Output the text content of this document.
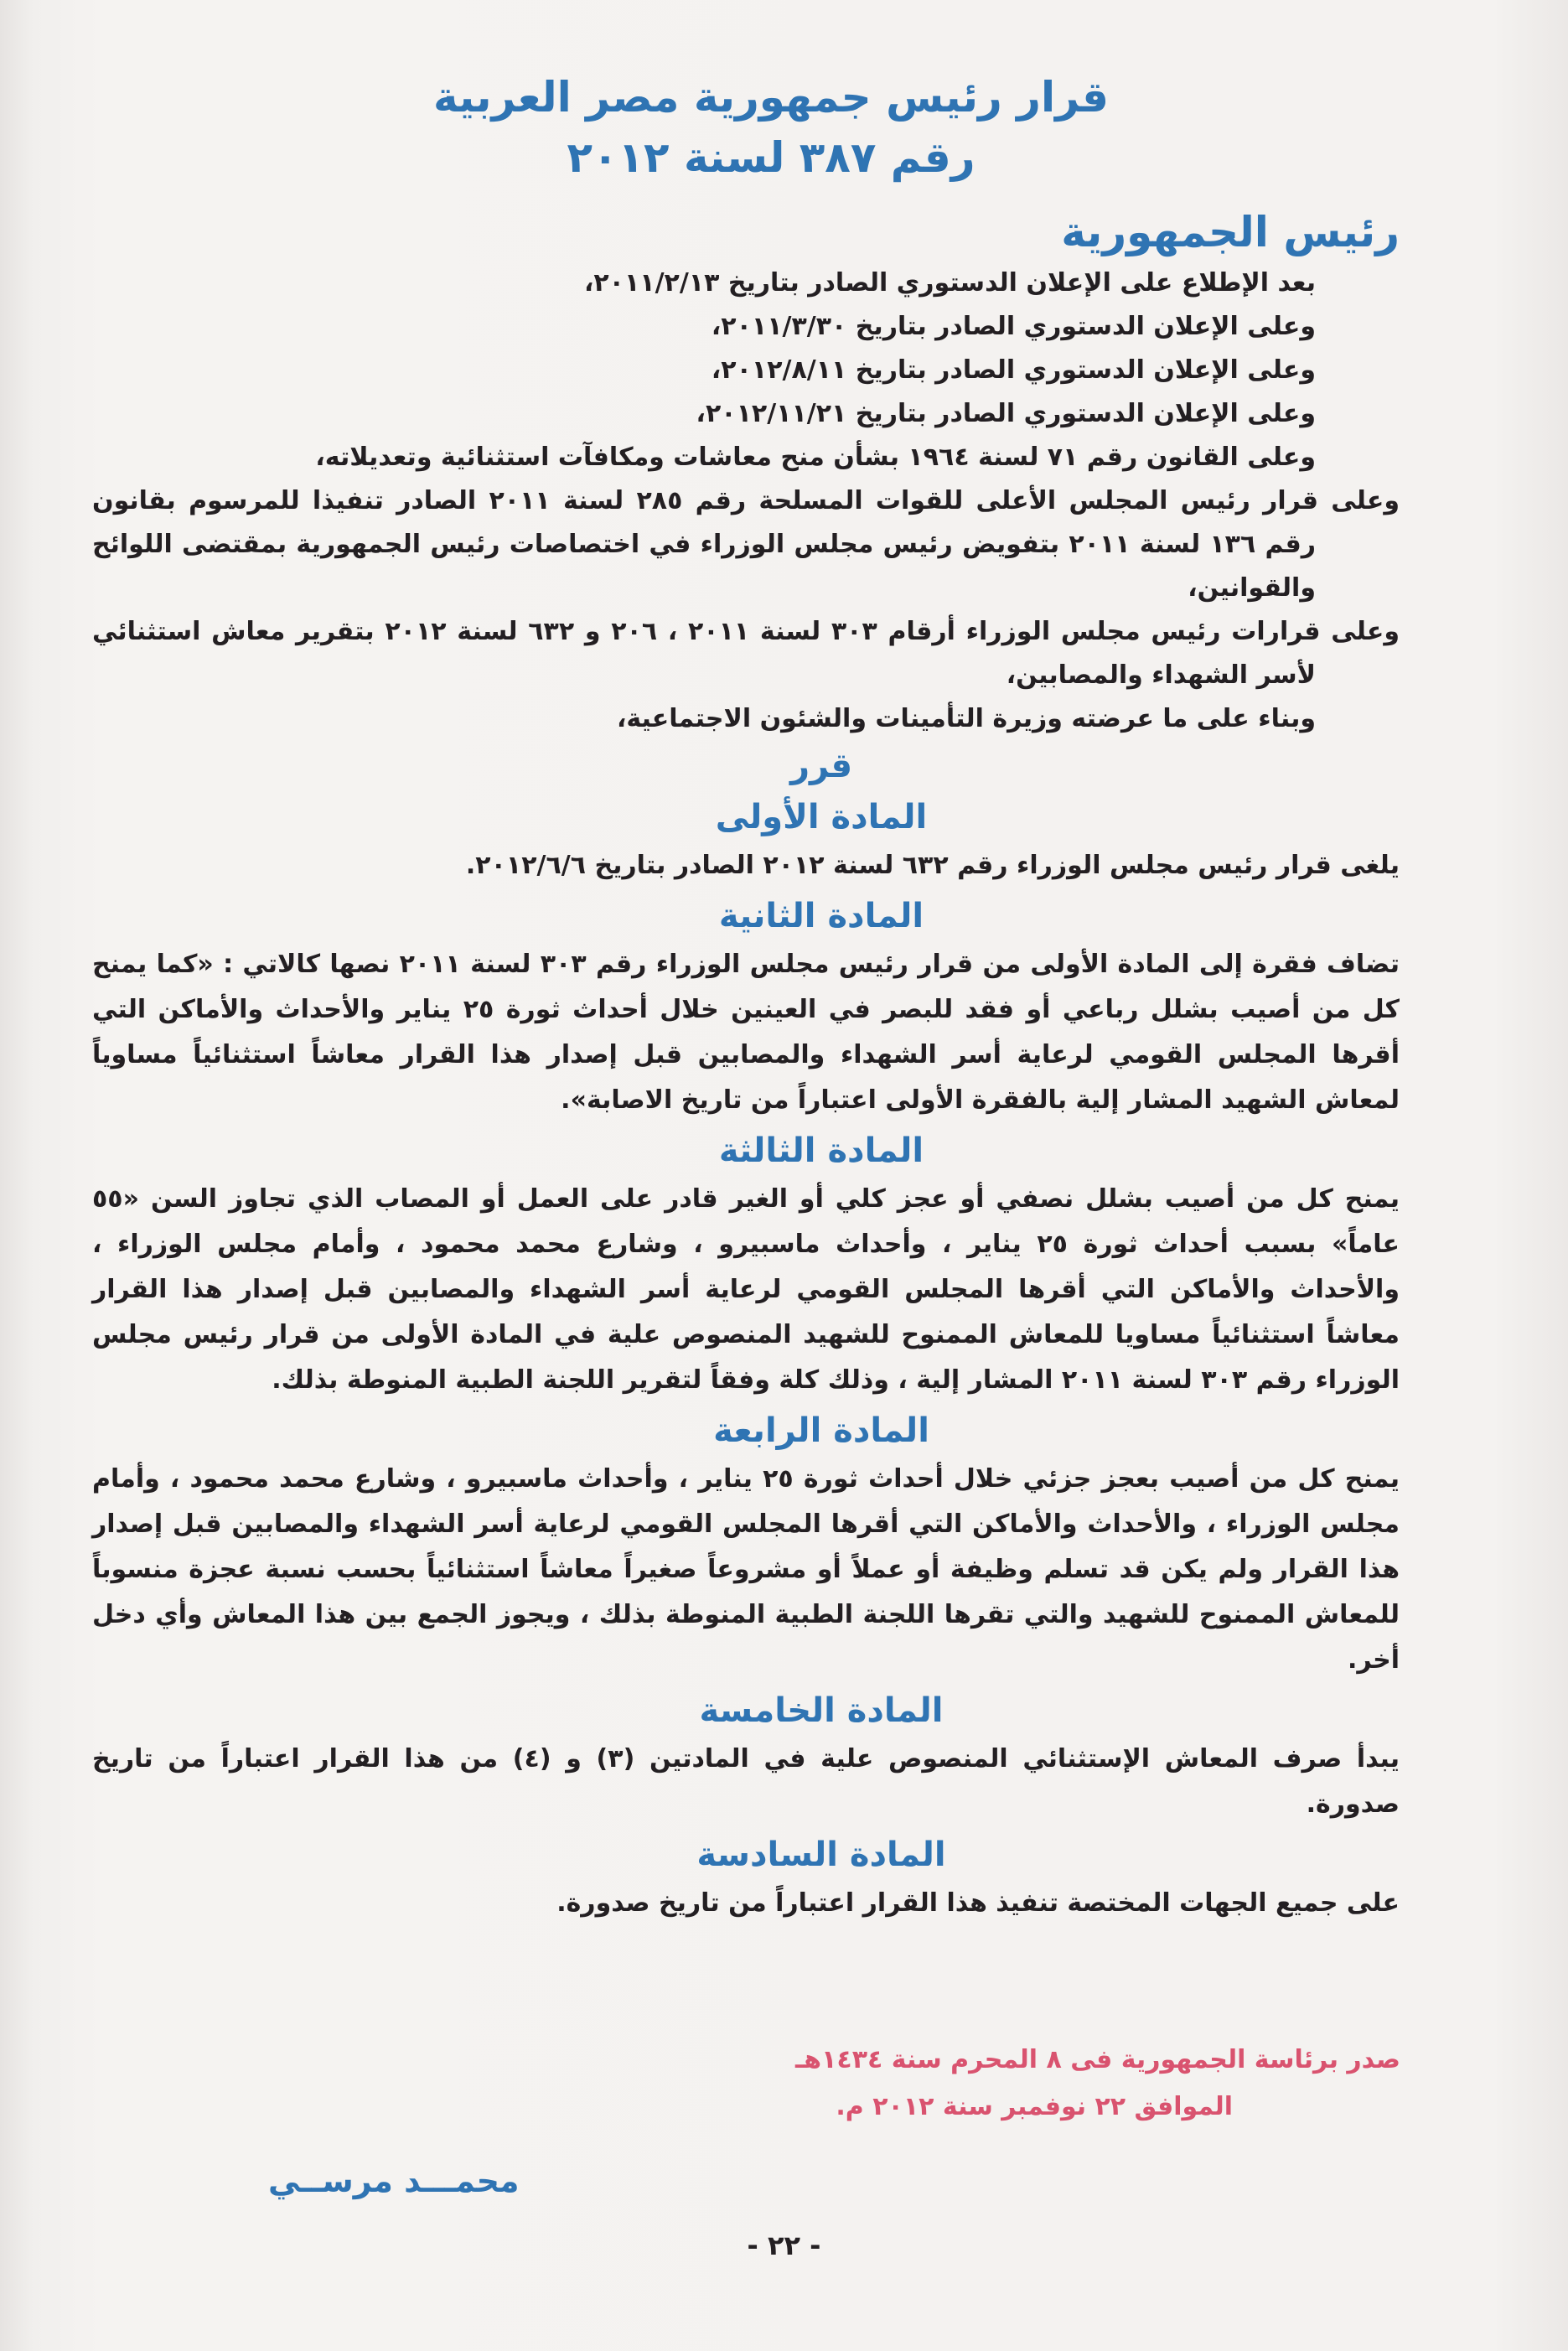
قرار رئيس جمهورية مصر العربية
رقم ٣٨٧ لسنة ٢٠١٢
رئيس الجمهورية

بعد الإطلاع على الإعلان الدستوري الصادر بتاريخ ٢٠١١/٢/١٣،

وعلى الإعلان الدستوري الصادر بتاريخ ٢٠١١/٣/٣٠،

وعلى الإعلان الدستوري الصادر بتاريخ ٢٠١٢/٨/١١،

وعلى الإعلان الدستوري الصادر بتاريخ ٢٠١٢/١١/٢١،

وعلى القانون رقم ٧١ لسنة ١٩٦٤ بشأن منح معاشات ومكافآت استثنائية وتعديلاته،

وعلى قرار رئيس المجلس الأعلى للقوات المسلحة رقم ٢٨٥ لسنة ٢٠١١ الصادر تنفيذا للمرسوم بقانون رقم ١٣٦ لسنة ٢٠١١ بتفويض رئيس مجلس الوزراء في اختصاصات رئيس الجمهورية بمقتضى اللوائح والقوانين،

وعلى قرارات رئيس مجلس الوزراء أرقام ٣٠٣ لسنة ٢٠١١ ، ٢٠٦ و ٦٣٢ لسنة ٢٠١٢ بتقرير معاش استثنائي لأسر الشهداء والمصابين،

وبناء على ما عرضته وزيرة التأمينات والشئون الاجتماعية،

قرر
المادة الأولى

يلغى قرار رئيس مجلس الوزراء رقم ٦٣٢ لسنة ٢٠١٢ الصادر بتاريخ ٢٠١٢/٦/٦.

المادة الثانية

تضاف فقرة إلى المادة الأولى من قرار رئيس مجلس الوزراء رقم ٣٠٣ لسنة ٢٠١١ نصها كالاتي : «كما يمنح كل من أصيب بشلل رباعي أو فقد للبصر في العينين خلال أحداث ثورة ٢٥ يناير والأحداث والأماكن التي أقرها المجلس القومي لرعاية أسر الشهداء والمصابين قبل إصدار هذا القرار معاشاً استثنائياً مساوياً لمعاش الشهيد المشار إلية بالفقرة الأولى اعتباراً من تاريخ الاصابة».

المادة الثالثة

يمنح كل من أصيب بشلل نصفي أو عجز كلي أو الغير قادر على العمل أو المصاب الذي تجاوز السن «٥٥ عاماً» بسبب أحداث ثورة ٢٥ يناير ، وأحداث ماسبيرو ، وشارع محمد محمود ، وأمام مجلس الوزراء ، والأحداث والأماكن التي أقرها المجلس القومي لرعاية أسر الشهداء والمصابين قبل إصدار هذا القرار معاشاً استثنائياً مساويا للمعاش الممنوح للشهيد المنصوص علية في المادة الأولى من قرار رئيس مجلس الوزراء رقم ٣٠٣ لسنة ٢٠١١ المشار إلية ، وذلك كلة وفقاً لتقرير اللجنة الطبية المنوطة بذلك.

المادة الرابعة

يمنح كل من أصيب بعجز جزئي خلال أحداث ثورة ٢٥ يناير ، وأحداث ماسبيرو ، وشارع محمد محمود ، وأمام مجلس الوزراء ، والأحداث والأماكن التي أقرها المجلس القومي لرعاية أسر الشهداء والمصابين قبل إصدار هذا القرار ولم يكن قد تسلم وظيفة أو عملاً أو مشروعاً صغيراً معاشاً استثنائياً بحسب نسبة عجزة منسوباً للمعاش الممنوح للشهيد والتي تقرها اللجنة الطبية المنوطة بذلك ، ويجوز الجمع بين هذا المعاش وأي دخل أخر.

المادة الخامسة

يبدأ صرف المعاش الإستثنائي المنصوص علية في المادتين (٣) و (٤) من هذا القرار اعتباراً من تاريخ صدورة.

المادة السادسة

على جميع الجهات المختصة تنفيذ هذا القرار اعتباراً من تاريخ صدورة.

صدر برئاسة الجمهورية فى ٨ المحرم سنة ١٤٣٤هـ

الموافق ٢٢ نوفمبر سنة ٢٠١٢ م.

محمـــد مرســي
- ٢٢ -
